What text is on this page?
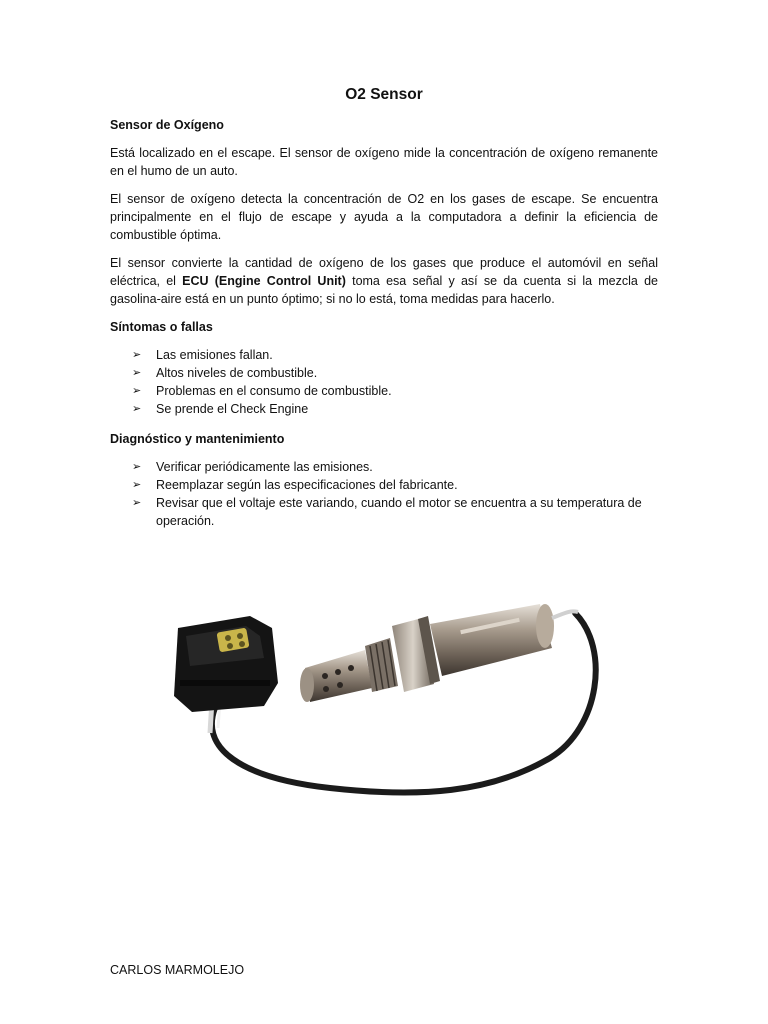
O2 Sensor
Sensor de Oxígeno
Está localizado en el escape. El sensor de oxígeno mide la concentración de oxígeno remanente en el humo de un auto.
El sensor de oxígeno detecta la concentración de O2 en los gases de escape. Se encuentra principalmente en el flujo de escape y ayuda a la computadora a definir la eficiencia de combustible óptima.
El sensor convierte la cantidad de oxígeno de los gases que produce el automóvil en señal eléctrica, el ECU (Engine Control Unit) toma esa señal y así se da cuenta si la mezcla de gasolina-aire está en un punto óptimo; si no lo está, toma medidas para hacerlo.
Síntomas o fallas
➢ Las emisiones fallan.
➢ Altos niveles de combustible.
➢ Problemas en el consumo de combustible.
➢ Se prende el Check Engine
Diagnóstico y mantenimiento
➢ Verificar periódicamente las emisiones.
➢ Reemplazar según las especificaciones del fabricante.
➢ Revisar que el voltaje este variando, cuando el motor se encuentra a su temperatura de operación.
CARLOS MARMOLEJO
